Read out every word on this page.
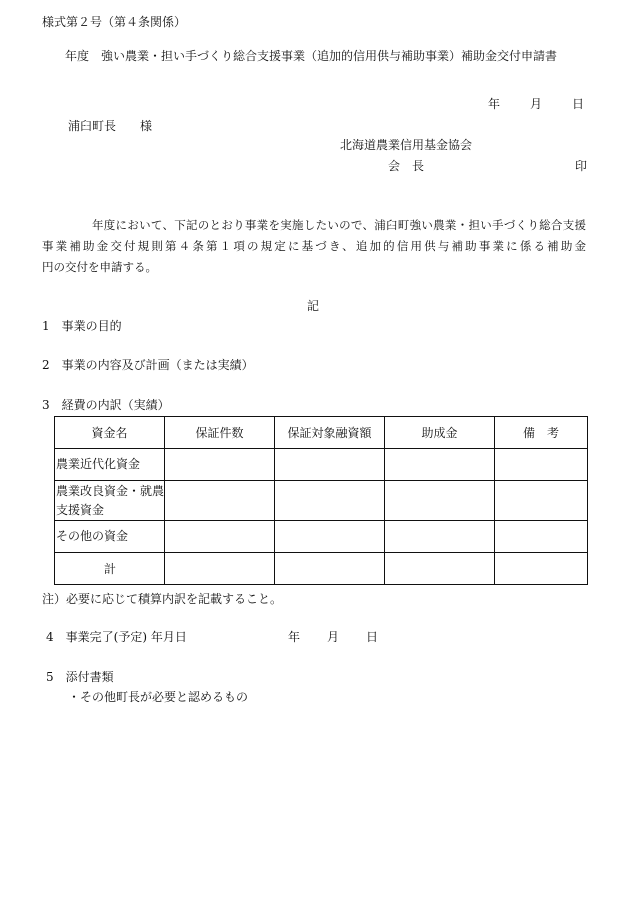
様式第２号（第４条関係）
年度　強い農業・担い手づくり総合支援事業（追加的信用供与補助事業）補助金交付申請書
年　　月　　日
浦臼町長　　様
北海道農業信用基金協会
会　長	印
年度において、下記のとおり事業を実施したいので、浦臼町強い農業・担い手づくり総合支援
事業補助金交付規則第４条第１項の規定に基づき、追加的信用供与補助事業に係る補助金
円の交付を申請する。
記
1　事業の目的
2　事業の内容及び計画（または実績）
3　経費の内訳（実績）
資金名	保証件数	保証対象融資額	助成金	備　考

農業近代化資金				

農業改良資金・就農支援資金				

その他の資金				

計				
注）必要に応じて積算内訳を記載すること。
4　事業完了(予定) 年月日	年　　月　　日
5　添付書類
・その他町長が必要と認めるもの
